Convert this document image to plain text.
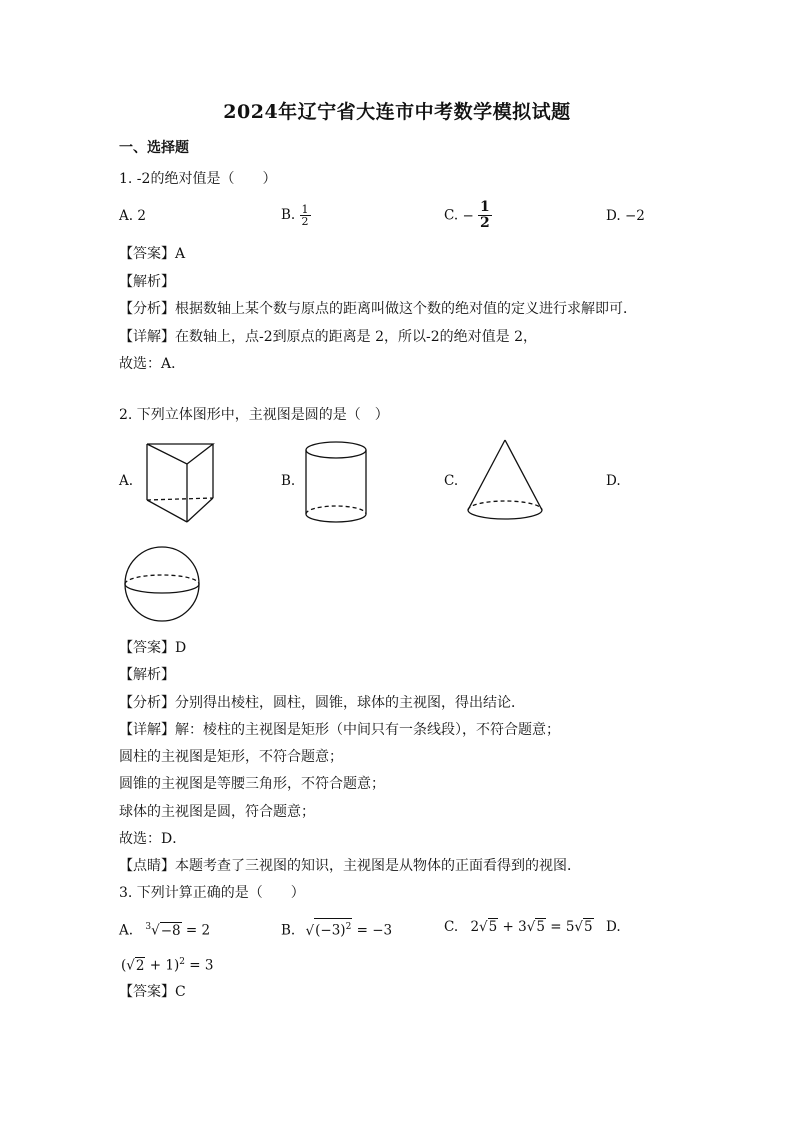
2024年辽宁省大连市中考数学模拟试题
一、选择题
1. -2的绝对值是（　　）
A. 2	B. $\frac{1}{2}$	C. − $\frac{1}{2}$	D. −2
【答案】A
【解析】
【分析】根据数轴上某个数与原点的距离叫做这个数的绝对值的定义进行求解即可．
【详解】在数轴上，点-2到原点的距离是 2，所以-2的绝对值是 2，
故选：A．
2. 下列立体图形中，主视图是圆的是（　）
A.	B.	C.	D.
【答案】D
【解析】
【分析】分别得出棱柱，圆柱，圆锥，球体的主视图，得出结论．
【详解】解：棱柱的主视图是矩形（中间只有一条线段），不符合题意；
圆柱的主视图是矩形，不符合题意；
圆锥的主视图是等腰三角形，不符合题意；
球体的主视图是圆，符合题意；
故选：D．
【点睛】本题考查了三视图的知识，主视图是从物体的正面看得到的视图．
3. 下列计算正确的是（　　）
A. $^3$√−8 = 2	B. $√(-3)^2 = -3$	C. 2√5 + 3√5 = 5√5 D.
$(√2 + 1)^2 = 3$
【答案】C
